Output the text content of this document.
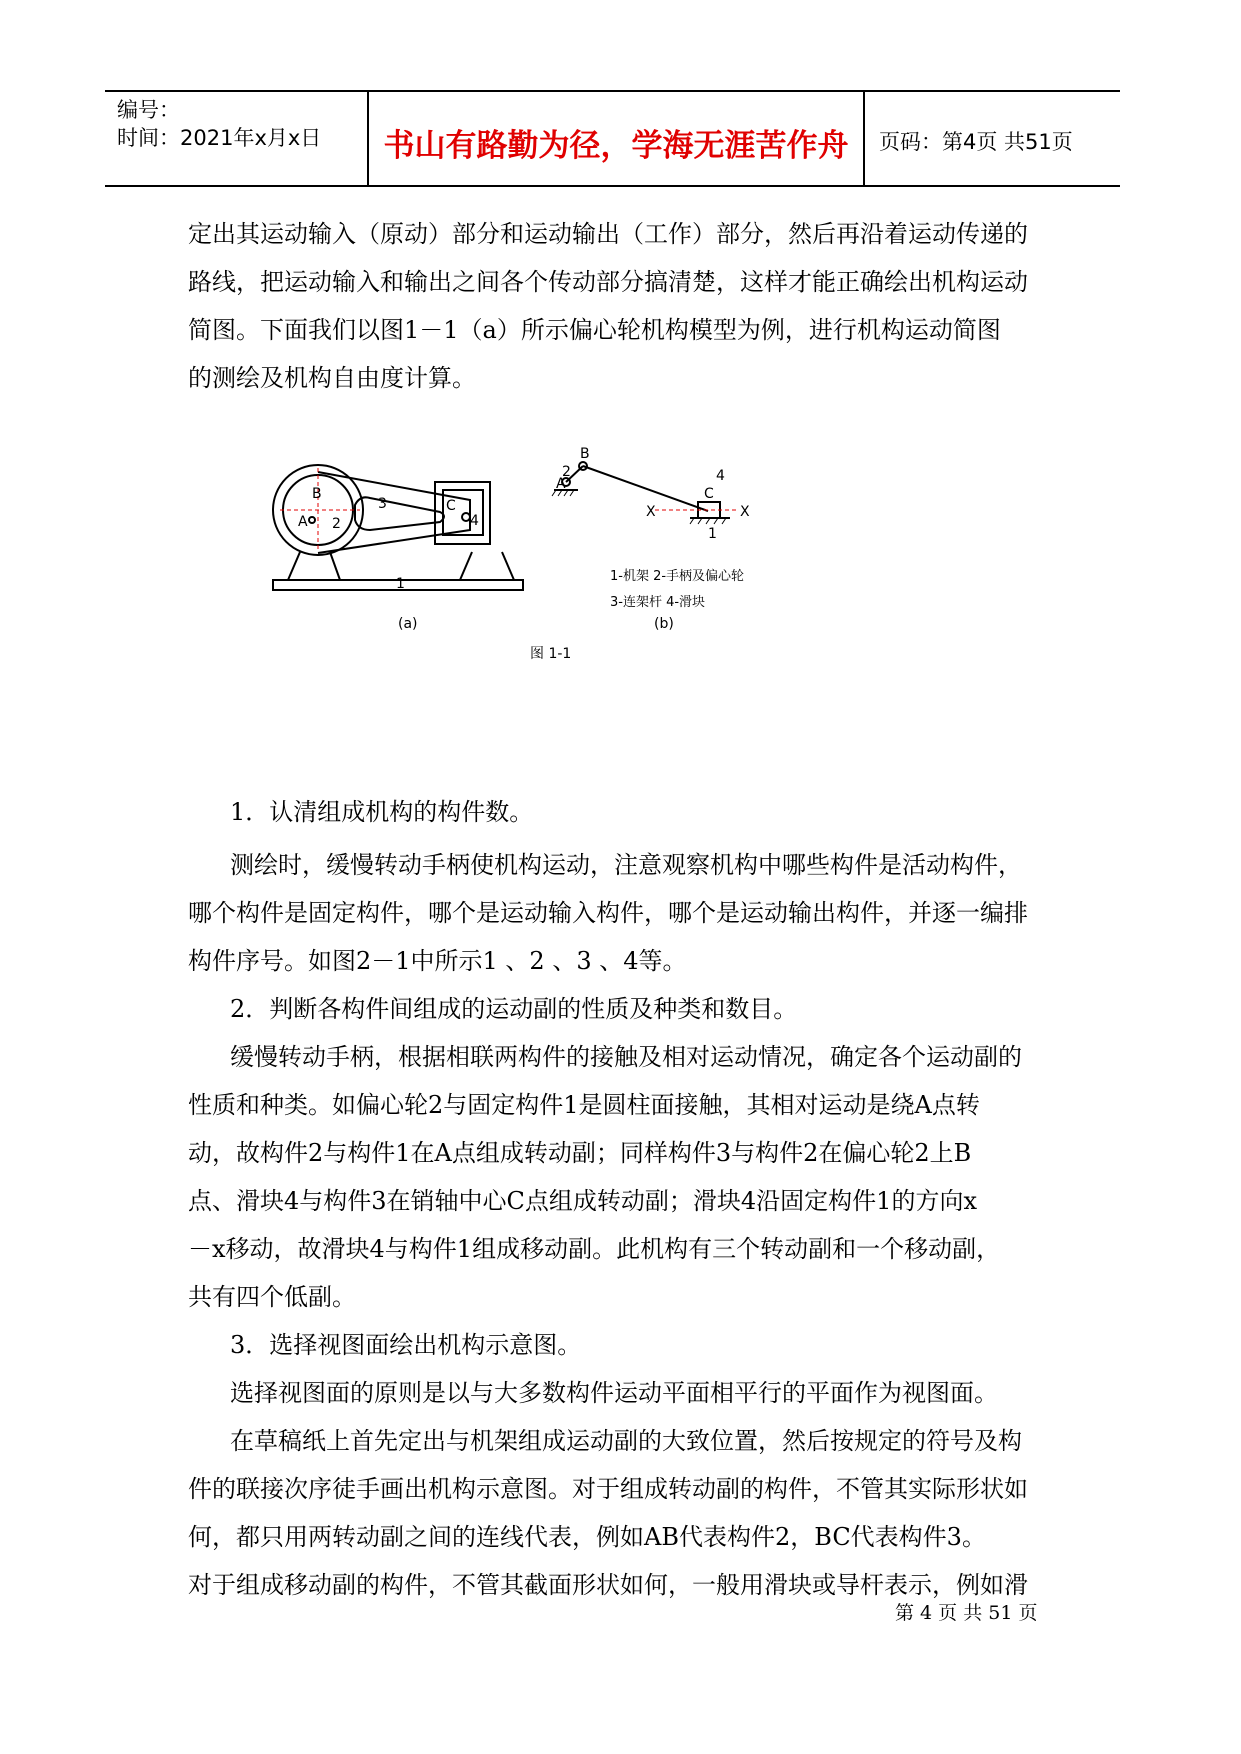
编号：
时间：2021年x月x日	书山有路勤为径，学海无涯苦作舟	页码：第4页 共51页
定出其运动输入（原动）部分和运动输出（工作）部分，然后再沿着运动传递的
路线，把运动输入和输出之间各个传动部分搞清楚，这样才能正确绘出机构运动
简图。下面我们以图1－1（a）所示偏心轮机构模型为例，进行机构运动简图
的测绘及机构自由度计算。
B
A 2
3	C
4
1
(a)
B
A
2
C
4
X	X
1
1-机架 2-手柄及偏心轮
3-连架杆 4-滑块
(b)
图 1-1
1．认清组成机构的构件数。
测绘时，缓慢转动手柄使机构运动，注意观察机构中哪些构件是活动构件，
哪个构件是固定构件，哪个是运动输入构件，哪个是运动输出构件，并逐一编排
构件序号。如图2－1中所示1 、2 、3 、4等。
2．判断各构件间组成的运动副的性质及种类和数目。
缓慢转动手柄，根据相联两构件的接触及相对运动情况，确定各个运动副的
性质和种类。如偏心轮2与固定构件1是圆柱面接触，其相对运动是绕A点转
动，故构件2与构件1在A点组成转动副；同样构件3与构件2在偏心轮2上B
点、滑块4与构件3在销轴中心C点组成转动副；滑块4沿固定构件1的方向x
－x移动，故滑块4与构件1组成移动副。此机构有三个转动副和一个移动副，
共有四个低副。
3．选择视图面绘出机构示意图。
选择视图面的原则是以与大多数构件运动平面相平行的平面作为视图面。
在草稿纸上首先定出与机架组成运动副的大致位置，然后按规定的符号及构
件的联接次序徒手画出机构示意图。对于组成转动副的构件，不管其实际形状如
何，都只用两转动副之间的连线代表，例如AB代表构件2，BC代表构件3。
对于组成移动副的构件，不管其截面形状如何，一般用滑块或导杆表示，例如滑
第 4 页 共 51 页
